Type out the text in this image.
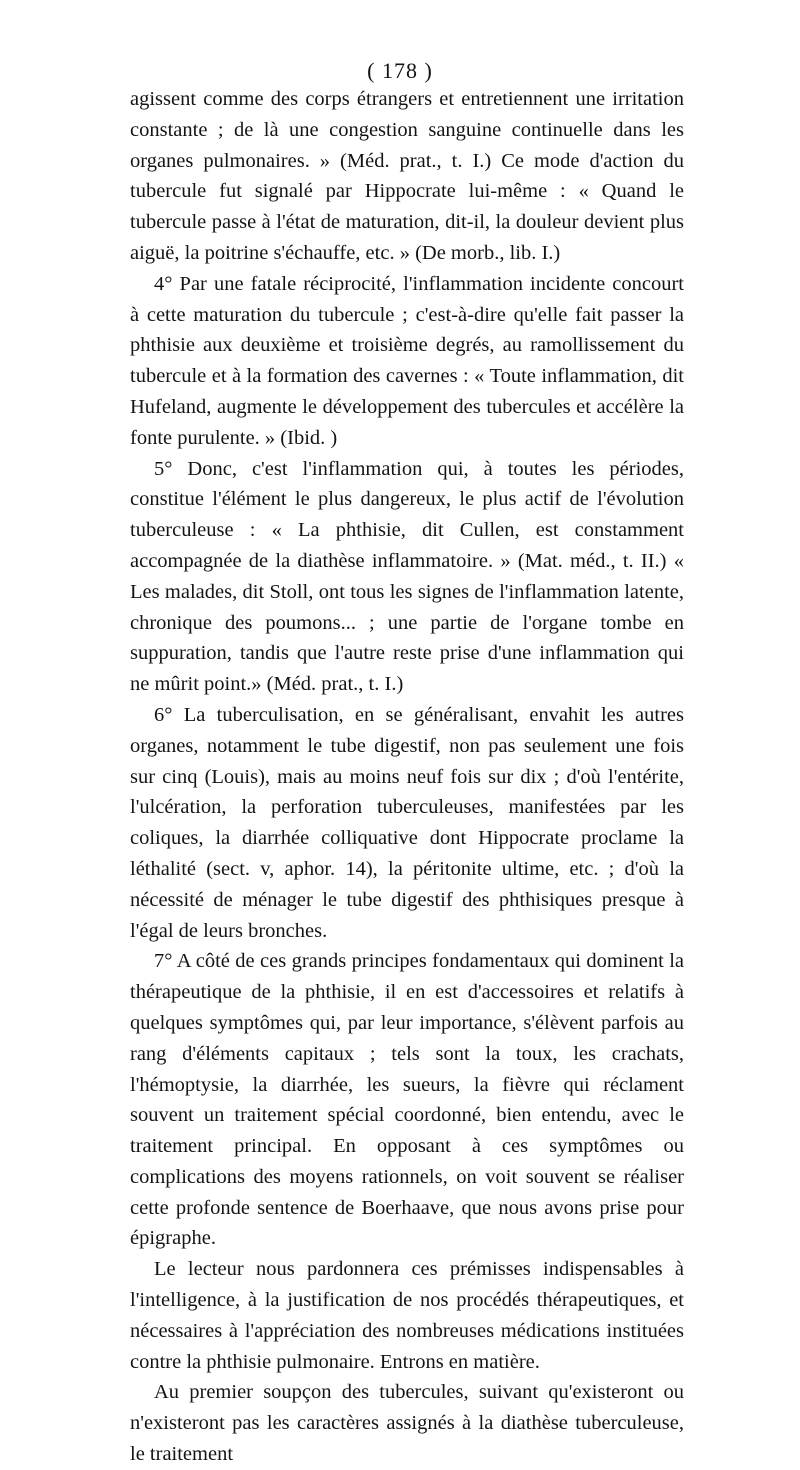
( 178 )

agissent comme des corps étrangers et entretiennent une irritation constante ; de là une congestion sanguine continuelle dans les organes pulmonaires. » (Méd. prat., t. I.) Ce mode d'action du tubercule fut signalé par Hippocrate lui-même : « Quand le tubercule passe à l'état de maturation, dit-il, la douleur devient plus aiguë, la poitrine s'échauffe, etc. » (De morb., lib. I.)

4° Par une fatale réciprocité, l'inflammation incidente concourt à cette maturation du tubercule ; c'est-à-dire qu'elle fait passer la phthisie aux deuxième et troisième degrés, au ramollissement du tubercule et à la formation des cavernes : « Toute inflammation, dit Hufeland, augmente le développement des tubercules et accélère la fonte purulente. » (Ibid. )

5° Donc, c'est l'inflammation qui, à toutes les périodes, constitue l'élément le plus dangereux, le plus actif de l'évolution tuberculeuse : « La phthisie, dit Cullen, est constamment accompagnée de la diathèse inflammatoire. » (Mat. méd., t. II.) « Les malades, dit Stoll, ont tous les signes de l'inflammation latente, chronique des poumons... ; une partie de l'organe tombe en suppuration, tandis que l'autre reste prise d'une inflammation qui ne mûrit point.» (Méd. prat., t. I.)

6° La tuberculisation, en se généralisant, envahit les autres organes, notamment le tube digestif, non pas seulement une fois sur cinq (Louis), mais au moins neuf fois sur dix ; d'où l'entérite, l'ulcération, la perforation tuberculeuses, manifestées par les coliques, la diarrhée colliquative dont Hippocrate proclame la léthalité (sect. v, aphor. 14), la péritonite ultime, etc. ; d'où la nécessité de ménager le tube digestif des phthisiques presque à l'égal de leurs bronches.

7° A côté de ces grands principes fondamentaux qui dominent la thérapeutique de la phthisie, il en est d'accessoires et relatifs à quelques symptômes qui, par leur importance, s'élèvent parfois au rang d'éléments capitaux ; tels sont la toux, les crachats, l'hémoptysie, la diarrhée, les sueurs, la fièvre qui réclament souvent un traitement spécial coordonné, bien entendu, avec le traitement principal. En opposant à ces symptômes ou complications des moyens rationnels, on voit souvent se réaliser cette profonde sentence de Boerhaave, que nous avons prise pour épigraphe.

Le lecteur nous pardonnera ces prémisses indispensables à l'intelligence, à la justification de nos procédés thérapeutiques, et nécessaires à l'appréciation des nombreuses médications instituées contre la phthisie pulmonaire. Entrons en matière.

Au premier soupçon des tubercules, suivant qu'existeront ou n'existeront pas les caractères assignés à la diathèse tuberculeuse, le traitement
